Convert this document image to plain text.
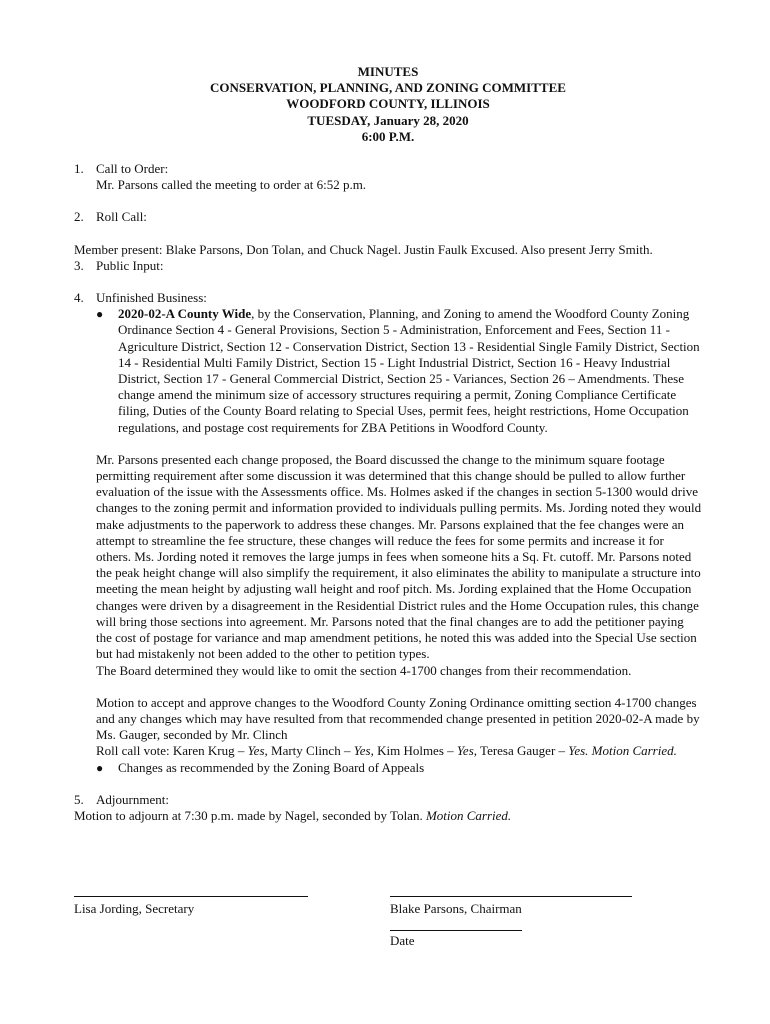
MINUTES
CONSERVATION, PLANNING, AND ZONING COMMITTEE
WOODFORD COUNTY, ILLINOIS
TUESDAY, January 28, 2020
6:00 P.M.
1. Call to Order:

Mr. Parsons called the meeting to order at 6:52 p.m.

2. Roll Call:

Member present: Blake Parsons, Don Tolan, and Chuck Nagel. Justin Faulk Excused. Also present Jerry Smith.

3. Public Input:
4. Unfinished Business:
●	2020-02-A County Wide, by the Conservation, Planning, and Zoning to amend the Woodford County Zoning Ordinance Section 4 - General Provisions, Section 5 - Administration, Enforcement and Fees, Section 11 - Agriculture District, Section 12 - Conservation District, Section 13 - Residential Single Family District, Section 14 - Residential Multi Family District, Section 15 - Light Industrial District, Section 16 - Heavy Industrial District, Section 17 - General Commercial District, Section 25 - Variances, Section 26 – Amendments. These change amend the minimum size of accessory structures requiring a permit, Zoning Compliance Certificate filing, Duties of the County Board relating to Special Uses, permit fees, height restrictions, Home Occupation regulations, and postage cost requirements for ZBA Petitions in Woodford County.

Mr. Parsons presented each change proposed, the Board discussed the change to the minimum square footage permitting requirement after some discussion it was determined that this change should be pulled to allow further evaluation of the issue with the Assessments office. Ms. Holmes asked if the changes in section 5-1300 would drive changes to the zoning permit and information provided to individuals pulling permits. Ms. Jording noted they would make adjustments to the paperwork to address these changes. Mr. Parsons explained that the fee changes were an attempt to streamline the fee structure, these changes will reduce the fees for some permits and increase it for others. Ms. Jording noted it removes the large jumps in fees when someone hits a Sq. Ft. cutoff. Mr. Parsons noted the peak height change will also simplify the requirement, it also eliminates the ability to manipulate a structure into meeting the mean height by adjusting wall height and roof pitch. Ms. Jording explained that the Home Occupation changes were driven by a disagreement in the Residential District rules and the Home Occupation rules, this change will bring those sections into agreement. Mr. Parsons noted that the final changes are to add the petitioner paying the cost of postage for variance and map amendment petitions, he noted this was added into the Special Use section but had mistakenly not been added to the other to petition types.

The Board determined they would like to omit the section 4-1700 changes from their recommendation.

Motion to accept and approve changes to the Woodford County Zoning Ordinance omitting section 4-1700 changes and any changes which may have resulted from that recommended change presented in petition 2020-02-A made by Ms. Gauger, seconded by Mr. Clinch

Roll call vote: Karen Krug – Yes, Marty Clinch – Yes, Kim Holmes – Yes, Teresa Gauger – Yes. Motion Carried.

●	Changes as recommended by the Zoning Board of Appeals
5. Adjournment:

Motion to adjourn at 7:30 p.m. made by Nagel, seconded by Tolan. Motion Carried.

Lisa Jording, Secretary	Blake Parsons, Chairman
Date
